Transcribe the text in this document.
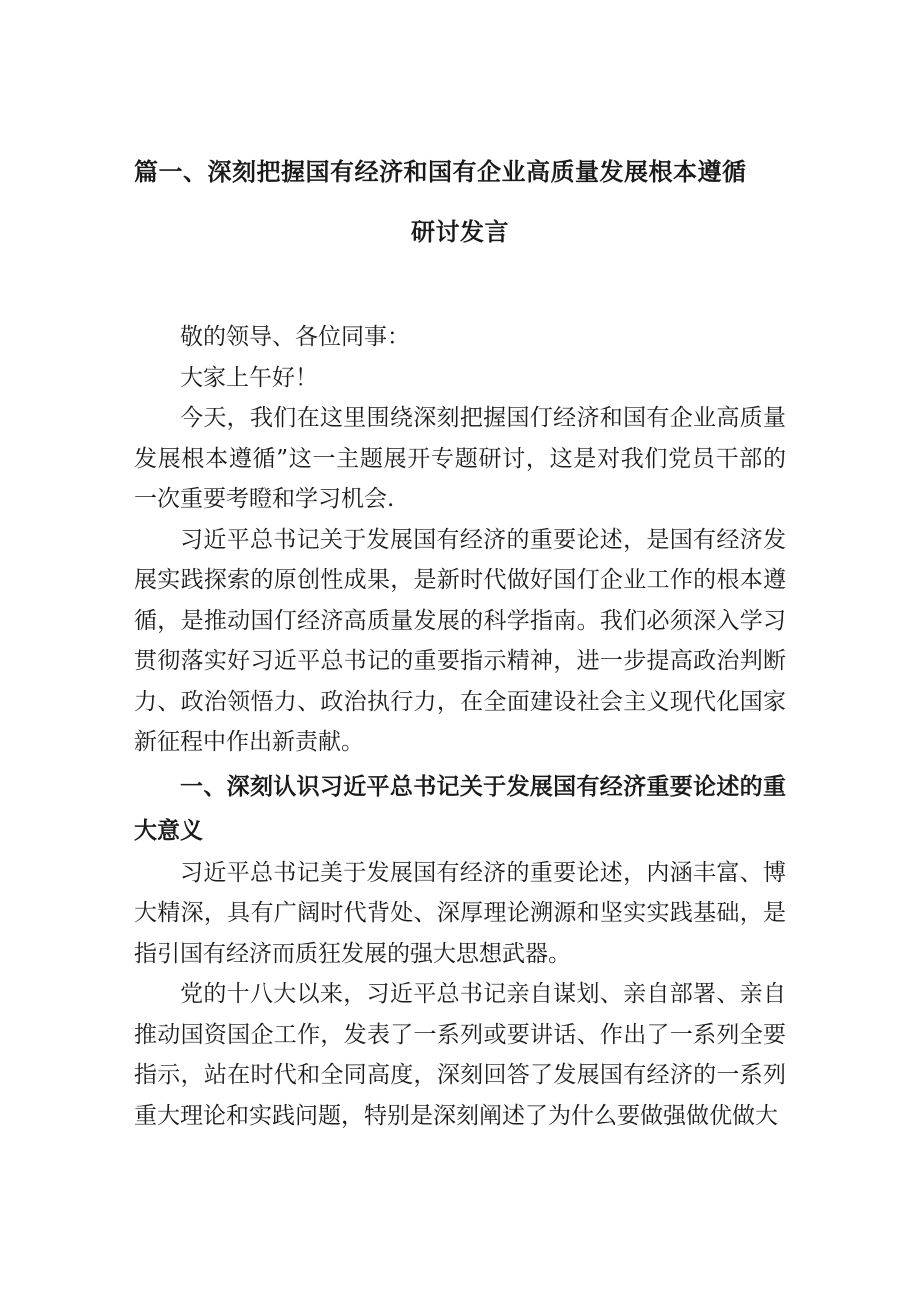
篇一、深刻把握国有经济和国有企业高质量发展根本遵循
研讨发言

敬的领导、各位同事：

大家上午好！

今天，我们在这里围绕深刻把握国仃经济和国有企业高质量发展根本遵循”这一主题展开专题研讨，这是对我们党员干部的一次重要考瞪和学习机会.

习近平总书记关于发展国有经济的重要论述，是国有经济发展实践探索的原创性成果，是新时代做好国仃企业工作的根本遵循，是推动国仃经济高质量发展的科学指南。我们必须深入学习贯彻落实好习近平总书记的重要指示精神，进一步提高政治判断力、政治领悟力、政治执行力，在全面建设社会主义现代化国家新征程中作出新责献。

一、深刻认识习近平总书记关于发展国有经济重要论述的重大意义

习近平总书记美于发展国有经济的重要论述，内涵丰富、博大精深，具有广阔时代背处、深厚理论溯源和坚实实践基础，是指引国有经济而质狂发展的强大思想武器。

党的十八大以来，习近平总书记亲自谋划、亲自部署、亲自推动国资国企工作，发表了一系列或要讲话、作出了一系列全要指示，站在时代和全同高度，深刻回答了发展国有经济的一系列重大理论和实践问题，特别是深刻阐述了为什么要做强做优做大
